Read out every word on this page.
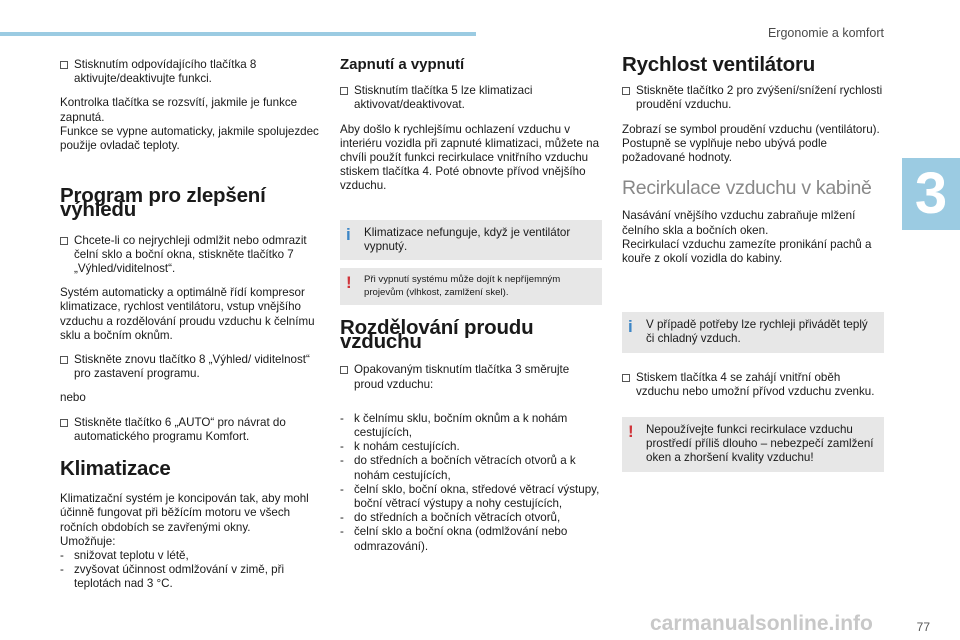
Ergonomie a komfort
3
Stisknutím odpovídajícího tlačítka 8 aktivujte/deaktivujte funkci.

Kontrolka tlačítka se rozsvítí, jakmile je funkce zapnutá.

Funkce se vypne automaticky, jakmile spolujezdec použije ovladač teploty.

Program pro zlepšení výhledu
Chcete-li co nejrychleji odmlžit nebo odmrazit čelní sklo a boční okna, stiskněte tlačítko 7 „Výhled/viditelnost“.

Systém automaticky a optimálně řídí kompresor klimatizace, rychlost ventilátoru, vstup vnějšího vzduchu a rozdělování proudu vzduchu k čelnímu sklu a bočním oknům.

Stiskněte znovu tlačítko 8 „Výhled/ viditelnost“ pro zastavení programu.

nebo

Stiskněte tlačítko 6 „AUTO“ pro návrat do automatického programu Komfort.
Klimatizace

Klimatizační systém je koncipován tak, aby mohl účinně fungovat při běžícím motoru ve všech ročních obdobích se zavřenými okny.

Umožňuje:
- snižovat teplotu v létě,
- zvyšovat účinnost odmlžování v zimě, při teplotách nad 3 °C.
Zapnutí a vypnutí
Stisknutím tlačítka 5 lze klimatizaci aktivovat/deaktivovat.

Aby došlo k rychlejšímu ochlazení vzduchu v interiéru vozidla při zapnuté klimatizaci, můžete na chvíli použít funkci recirkulace vnitřního vzduchu stiskem tlačítka 4. Poté obnovte přívod vnějšího vzduchu.

i	Klimatizace nefunguje, když je ventilátor vypnutý.
!	Při vypnutí systému může dojít k nepříjemným projevům (vlhkost, zamlžení skel).
Rozdělování proudu vzduchu
Opakovaným tisknutím tlačítka 3 směrujte proud vzduchu:
- k čelnímu sklu, bočním oknům a k nohám cestujících,
- k nohám cestujících.
- do středních a bočních větracích otvorů a k nohám cestujících,
- čelní sklo, boční okna, středové větrací výstupy, boční větrací výstupy a nohy cestujících,
- do středních a bočních větracích otvorů,
- čelní sklo a boční okna (odmlžování nebo odmrazování).
Rychlost ventilátoru
Stiskněte tlačítko 2 pro zvýšení/snížení rychlosti proudění vzduchu.

Zobrazí se symbol proudění vzduchu (ventilátoru). Postupně se vyplňuje nebo ubývá podle požadované hodnoty.

Recirkulace vzduchu v kabině

Nasávání vnějšího vzduchu zabraňuje mlžení čelního skla a bočních oken.

Recirkulací vzduchu zamezíte pronikání pachů a kouře z okolí vozidla do kabiny.

i	V případě potřeby lze rychleji přivádět teplý či chladný vzduch.
Stiskem tlačítka 4 se zahájí vnitřní oběh vzduchu nebo umožní přívod vzduchu zvenku.
!	Nepoužívejte funkci recirkulace vzduchu prostředí příliš dlouho – nebezpečí zamlžení oken a zhoršení kvality vzduchu!
carmanualsonline.info	77
